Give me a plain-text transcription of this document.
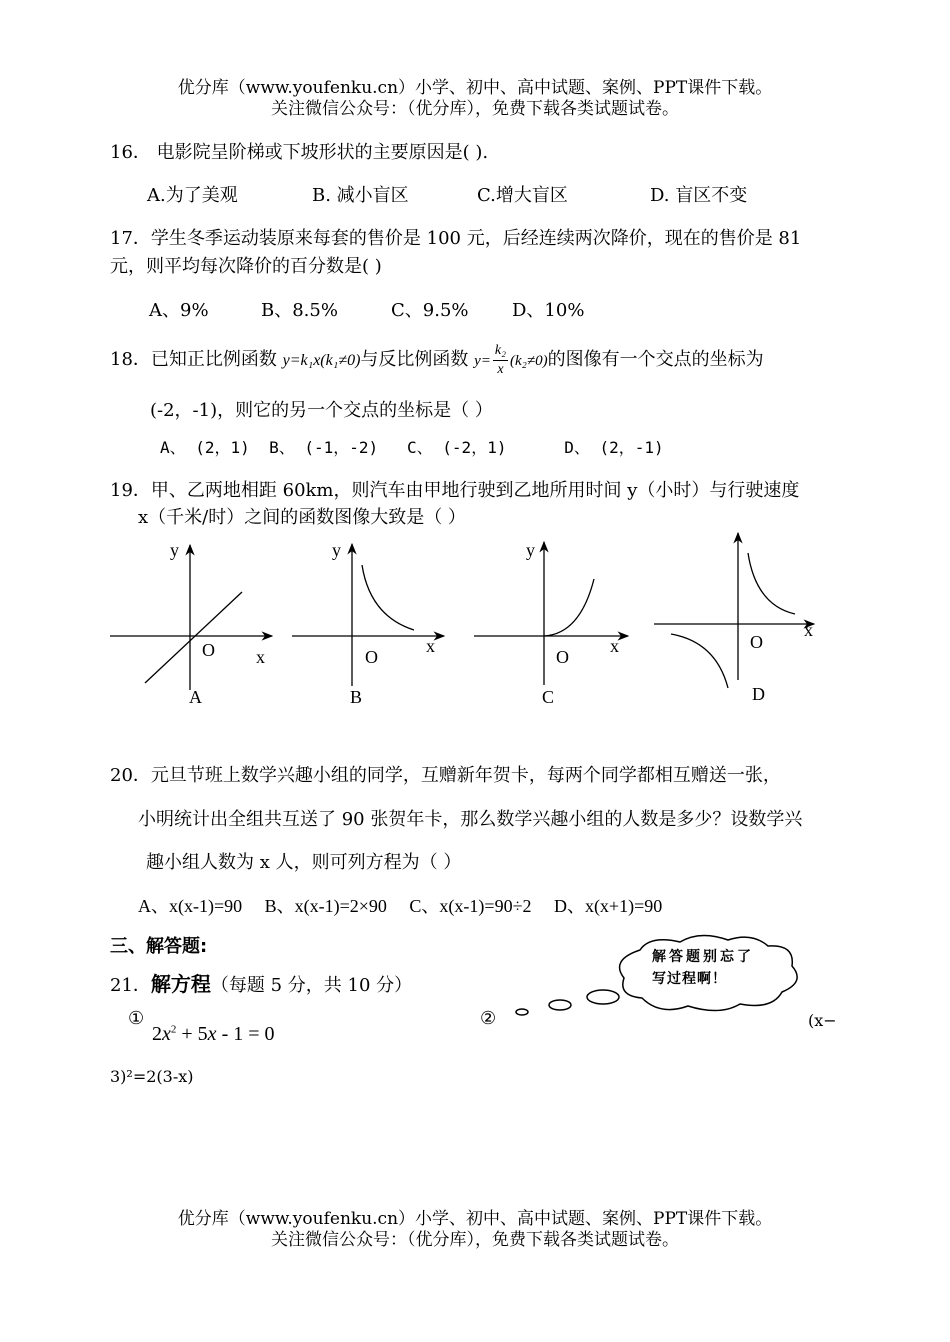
优分库（www.youfenku.cn）小学、初中、高中试题、案例、PPT课件下载。
关注微信公众号：（优分库），免费下载各类试题试卷。
16． 电影院呈阶梯或下坡形状的主要原因是( ).
A.为了美观	B. 减小盲区	C.增大盲区	D. 盲区不变
17．学生冬季运动装原来每套的售价是 100 元，后经连续两次降价，现在的售价是 81
元，则平均每次降价的百分数是( )
A、9%	B、8.5%	C、9.5% D、10%
18．已知正比例函数 y=k₁x(k₁≠0)与反比例函数 $y= \frac{\text{k₂}}{x} (k_2\ne 0)$的图像有一个交点的坐标为
(-2，-1)，则它的另一个交点的坐标是（ ）
A、 (2，1)  B、 (-1，-2)   C、 (-2，1)      D、 (2，-1)
19．甲、乙两地相距 60km，则汽车由甲地行驶到乙地所用时间 y（小时）与行驶速度
x（千米/时）之间的函数图像大致是（ ）
y
x
O
A
y
x
O
B
y
x
O
C
x
O
D
20．元旦节班上数学兴趣小组的同学，互赠新年贺卡，每两个同学都相互赠送一张，
小明统计出全组共互送了 90 张贺年卡，那么数学兴趣小组的人数是多少？设数学兴
趣小组人数为 x 人，则可列方程为（ ）
A、x(x-1)=90     B、x(x-1)=2×90     C、x(x-1)=90÷2     D、x(x+1)=90
三、解答题:
21．解方程（每题 5 分，共 10 分）
①
$2x^2 + 5x - 1 = 0$
②	(x−
3)²=2(3-x)
解答题别忘了
写过程啊！
优分库（www.youfenku.cn）小学、初中、高中试题、案例、PPT课件下载。
关注微信公众号：（优分库），免费下载各类试题试卷。
